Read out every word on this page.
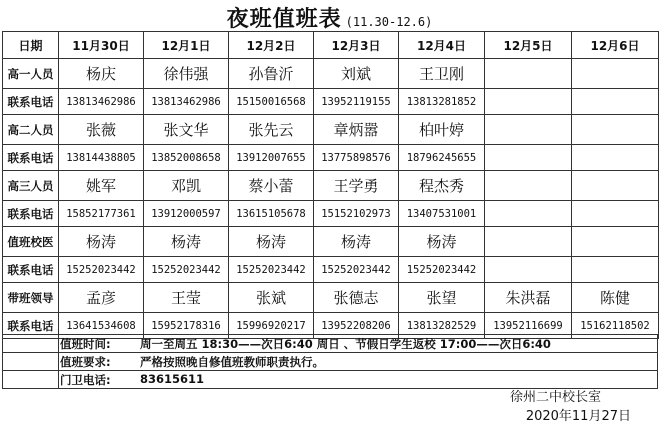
夜班值班表 (11.30-12.6)
日期	11月30日	12月1日	12月2日	12月3日	12月4日	12月5日	12月6日
高一人员	杨庆	徐伟强	孙鲁沂	刘斌	王卫刚		
联系电话	13813462986	13813462986	15150016568	13952119155	13813281852		
高二人员	张薇	张文华	张先云	章炳嚣	柏叶婷		
联系电话	13814438805	13852008658	13912007655	13775898576	18796245655		
高三人员	姚军	邓凯	蔡小蕾	王学勇	程杰秀		
联系电话	15852177361	13912000597	13615105678	15152102973	13407531001		
值班校医	杨涛	杨涛	杨涛	杨涛	杨涛		
联系电话	15252023442	15252023442	15252023442	15252023442	15252023442		
带班领导	孟彦	王莹	张斌	张德志	张望	朱洪磊	陈健
联系电话	13641534608	15952178316	15996920217	13952208206	13813282529	13952116699	15162118502
值班时间:	周一至周五 18:30——次日6:40 周日 、节假日学生返校 17:00——次日6:40
值班要求:	严格按照晚自修值班教师职责执行。
门卫电话:	83615611
徐州二中校长室
2020年11月27日
